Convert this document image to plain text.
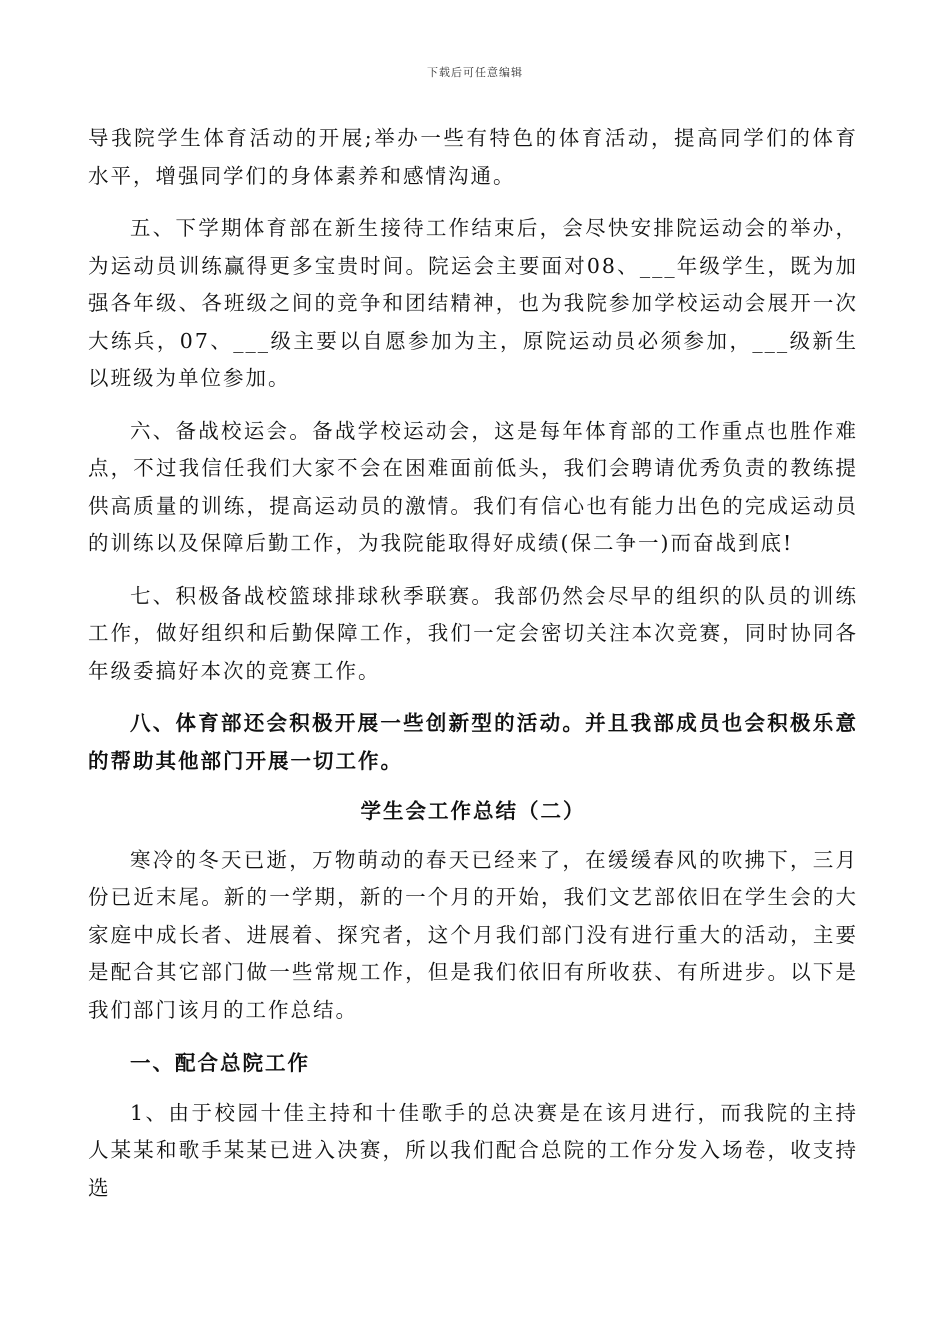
下载后可任意编辑

导我院学生体育活动的开展;举办一些有特色的体育活动，提高同学们的体育水平，增强同学们的身体素养和感情沟通。

五、下学期体育部在新生接待工作结束后，会尽快安排院运动会的举办，为运动员训练赢得更多宝贵时间。院运会主要面对08、___年级学生，既为加强各年级、各班级之间的竞争和团结精神，也为我院参加学校运动会展开一次大练兵，07、___级主要以自愿参加为主，原院运动员必须参加，___级新生以班级为单位参加。

六、备战校运会。备战学校运动会，这是每年体育部的工作重点也胜作难点，不过我信任我们大家不会在困难面前低头，我们会聘请优秀负责的教练提供高质量的训练，提高运动员的激情。我们有信心也有能力出色的完成运动员的训练以及保障后勤工作，为我院能取得好成绩(保二争一)而奋战到底!

七、积极备战校篮球排球秋季联赛。我部仍然会尽早的组织的队员的训练工作，做好组织和后勤保障工作，我们一定会密切关注本次竞赛，同时协同各年级委搞好本次的竞赛工作。

八、体育部还会积极开展一些创新型的活动。并且我部成员也会积极乐意的帮助其他部门开展一切工作。

学生会工作总结（二）

寒冷的冬天已逝，万物萌动的春天已经来了，在缓缓春风的吹拂下，三月份已近末尾。新的一学期，新的一个月的开始，我们文艺部依旧在学生会的大家庭中成长者、进展着、探究者，这个月我们部门没有进行重大的活动，主要是配合其它部门做一些常规工作，但是我们依旧有所收获、有所进步。以下是我们部门该月的工作总结。

一、配合总院工作

1、由于校园十佳主持和十佳歌手的总决赛是在该月进行，而我院的主持人某某和歌手某某已进入决赛，所以我们配合总院的工作分发入场卷，收支持选
